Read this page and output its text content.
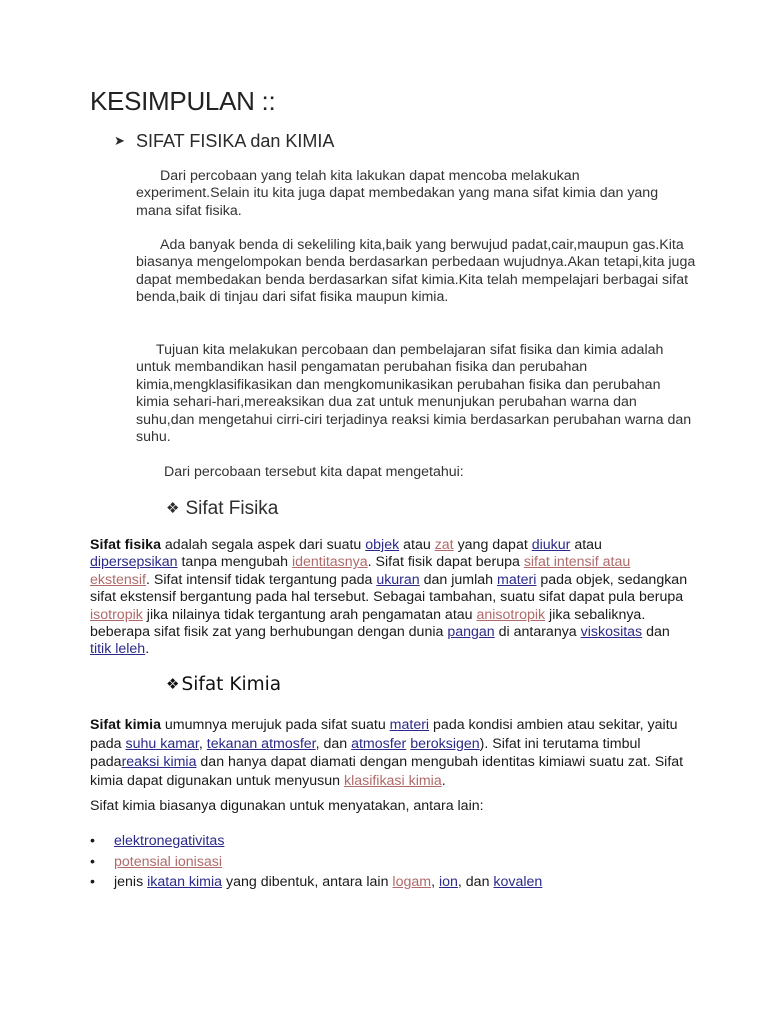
KESIMPULAN ::
➤ SIFAT FISIKA dan KIMIA
Dari percobaan yang telah kita lakukan dapat mencoba melakukan experiment.Selain itu kita juga dapat membedakan yang mana sifat kimia dan yang mana sifat fisika.
Ada banyak benda di sekeliling kita,baik yang berwujud padat,cair,maupun gas.Kita biasanya mengelompokan benda berdasarkan perbedaan wujudnya.Akan tetapi,kita juga dapat membedakan benda berdasarkan sifat kimia.Kita telah mempelajari berbagai sifat benda,baik di tinjau dari sifat fisika maupun kimia.
Tujuan kita melakukan percobaan dan pembelajaran sifat fisika dan kimia adalah untuk membandikan hasil pengamatan perubahan fisika dan perubahan kimia,mengklasifikasikan dan mengkomunikasikan perubahan fisika dan perubahan kimia sehari-hari,mereaksikan dua zat untuk menunjukan perubahan warna dan suhu,dan mengetahui cirri-ciri terjadinya reaksi kimia berdasarkan perubahan warna dan suhu.
Dari percobaan tersebut kita dapat mengetahui:
❖ Sifat Fisika
Sifat fisika adalah segala aspek dari suatu objek atau zat yang dapat diukur atau dipersepsikan tanpa mengubah identitasnya. Sifat fisik dapat berupa sifat intensif atau ekstensif. Sifat intensif tidak tergantung pada ukuran dan jumlah materi pada objek, sedangkan sifat ekstensif bergantung pada hal tersebut. Sebagai tambahan, suatu sifat dapat pula berupa isotropik jika nilainya tidak tergantung arah pengamatan atau anisotropik jika sebaliknya. beberapa sifat fisik zat yang berhubungan dengan dunia pangan di antaranya viskositas dan titik leleh.
❖ Sifat Kimia
Sifat kimia umumnya merujuk pada sifat suatu materi pada kondisi ambien atau sekitar, yaitu pada suhu kamar, tekanan atmosfer, dan atmosfer beroksigen). Sifat ini terutama timbul padareaksi kimia dan hanya dapat diamati dengan mengubah identitas kimiawi suatu zat. Sifat kimia dapat digunakan untuk menyusun klasifikasi kimia.
Sifat kimia biasanya digunakan untuk menyatakan, antara lain:
• elektronegativitas
• potensial ionisasi
• jenis ikatan kimia yang dibentuk, antara lain logam, ion, dan kovalen
